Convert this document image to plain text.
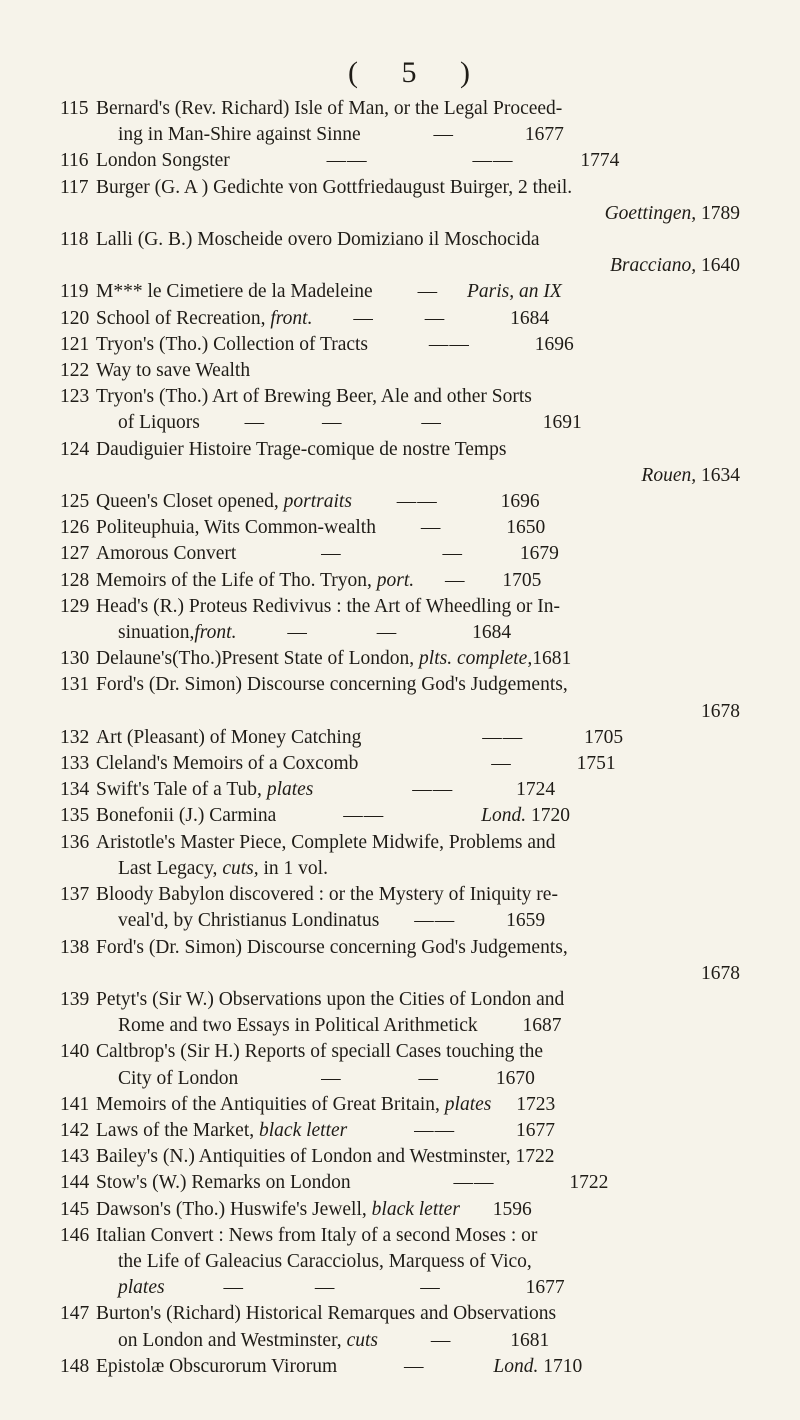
( 5 )
115 Bernard's (Rev. Richard) Isle of Man, or the Legal Proceed-
ing in Man-Shire against Sinne	—	1677
116 London Songster	——	——	1774
117 Burger (G. A ) Gedichte von Gottfriedaugust Buirger, 2 theil.
Goettingen, 1789
118 Lalli (G. B.) Moscheide overo Domiziano il Moschocida
Bracciano, 1640
119 M*** le Cimetiere de la Madeleine — Paris, an IX
120 School of Recreation, front. —	—	1684
121 Tryon's (Tho.) Collection of Tracts	——	1696
122 Way to save Wealth
123 Tryon's (Tho.) Art of Brewing Beer, Ale and other Sorts
of Liquors —	—	—	1691
124 Daudiguier Histoire Trage-comique de nostre Temps
Rouen, 1634
125 Queen's Closet opened, portraits ——	1696
126 Politeuphuia, Wits Common-wealth —	1650
127 Amorous Convert	—	—	1679
128 Memoirs of the Life of Tho. Tryon, port. — 1705
129 Head's (R.) Proteus Redivivus : the Art of Wheedling or In-
sinuation,front.	—	—	1684
130 Delaune's(Tho.)Present State of London, plts. complete,1681
131 Ford's (Dr. Simon) Discourse concerning God's Judgements,
1678
132 Art (Pleasant) of Money Catching	——	1705
133 Cleland's Memoirs of a Coxcomb	—	1751
134 Swift's Tale of a Tub, plates	——	1724
135 Bonefonii (J.) Carmina	——	Lond. 1720
136 Aristotle's Master Piece, Complete Midwife, Problems and
Last Legacy, cuts, in 1 vol.
137 Bloody Babylon discovered : or the Mystery of Iniquity re-
veal'd, by Christianus Londinatus ——	1659
138 Ford's (Dr. Simon) Discourse concerning God's Judgements,
1678
139 Petyt's (Sir W.) Observations upon the Cities of London and
Rome and two Essays in Political Arithmetick 1687
140 Caltbrop's (Sir H.) Reports of speciall Cases touching the
City of London	—	—	1670
141 Memoirs of the Antiquities of Great Britain, plates 1723
142 Laws of the Market, black letter	——	1677
143 Bailey's (N.) Antiquities of London and Westminster, 1722
144 Stow's (W.) Remarks on London	——	1722
145 Dawson's (Tho.) Huswife's Jewell, black letter 1596
146 Italian Convert : News from Italy of a second Moses : or
the Life of Galeacius Caracciolus, Marquess of Vico,
plates	—	—	—	1677
147 Burton's (Richard) Historical Remarques and Observations
on London and Westminster, cuts	—	1681
148 Epistolæ Obscurorum Virorum	—	Lond. 1710
